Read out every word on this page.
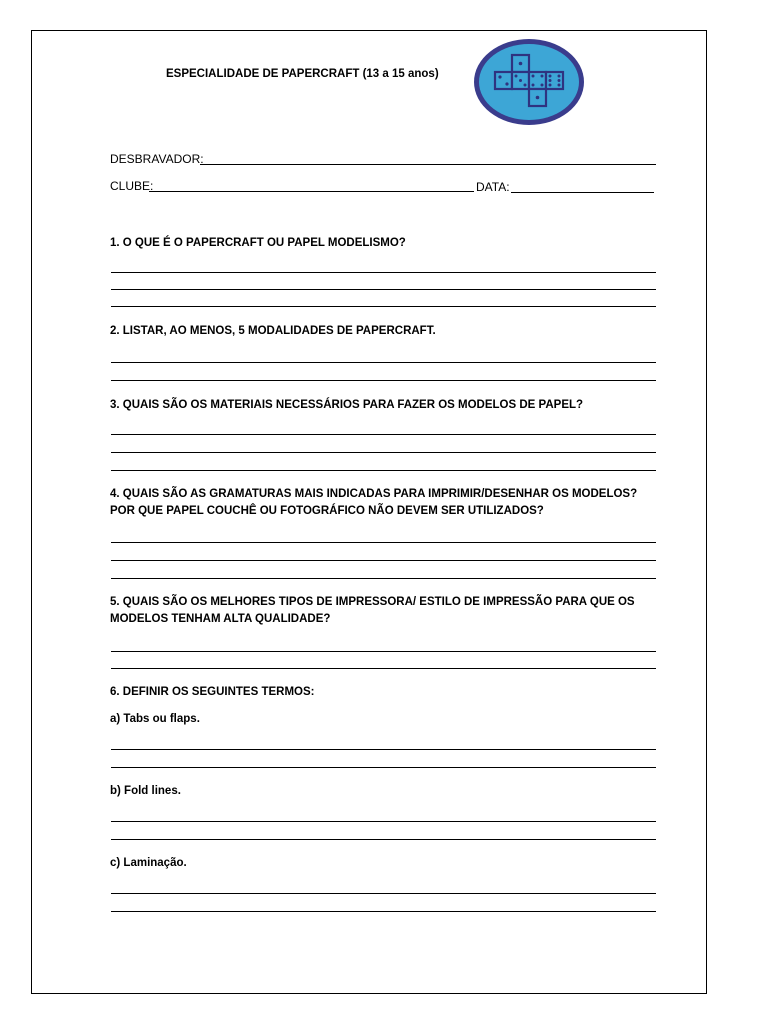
ESPECIALIDADE DE PAPERCRAFT (13 a 15 anos)
DESBRAVADOR:
CLUBE:	DATA:
1. O QUE É O PAPERCRAFT OU PAPEL MODELISMO?
2. LISTAR, AO MENOS, 5 MODALIDADES DE PAPERCRAFT.
3. QUAIS SÃO OS MATERIAIS NECESSÁRIOS PARA FAZER OS MODELOS DE PAPEL?
4. QUAIS SÃO AS GRAMATURAS MAIS INDICADAS PARA IMPRIMIR/DESENHAR OS MODELOS? POR QUE PAPEL COUCHÊ OU FOTOGRÁFICO NÃO DEVEM SER UTILIZADOS?
5. QUAIS SÃO OS MELHORES TIPOS DE IMPRESSORA/ ESTILO DE IMPRESSÃO PARA QUE OS MODELOS TENHAM ALTA QUALIDADE?
6. DEFINIR OS SEGUINTES TERMOS:
a) Tabs ou flaps.
b) Fold lines.
c) Laminação.
